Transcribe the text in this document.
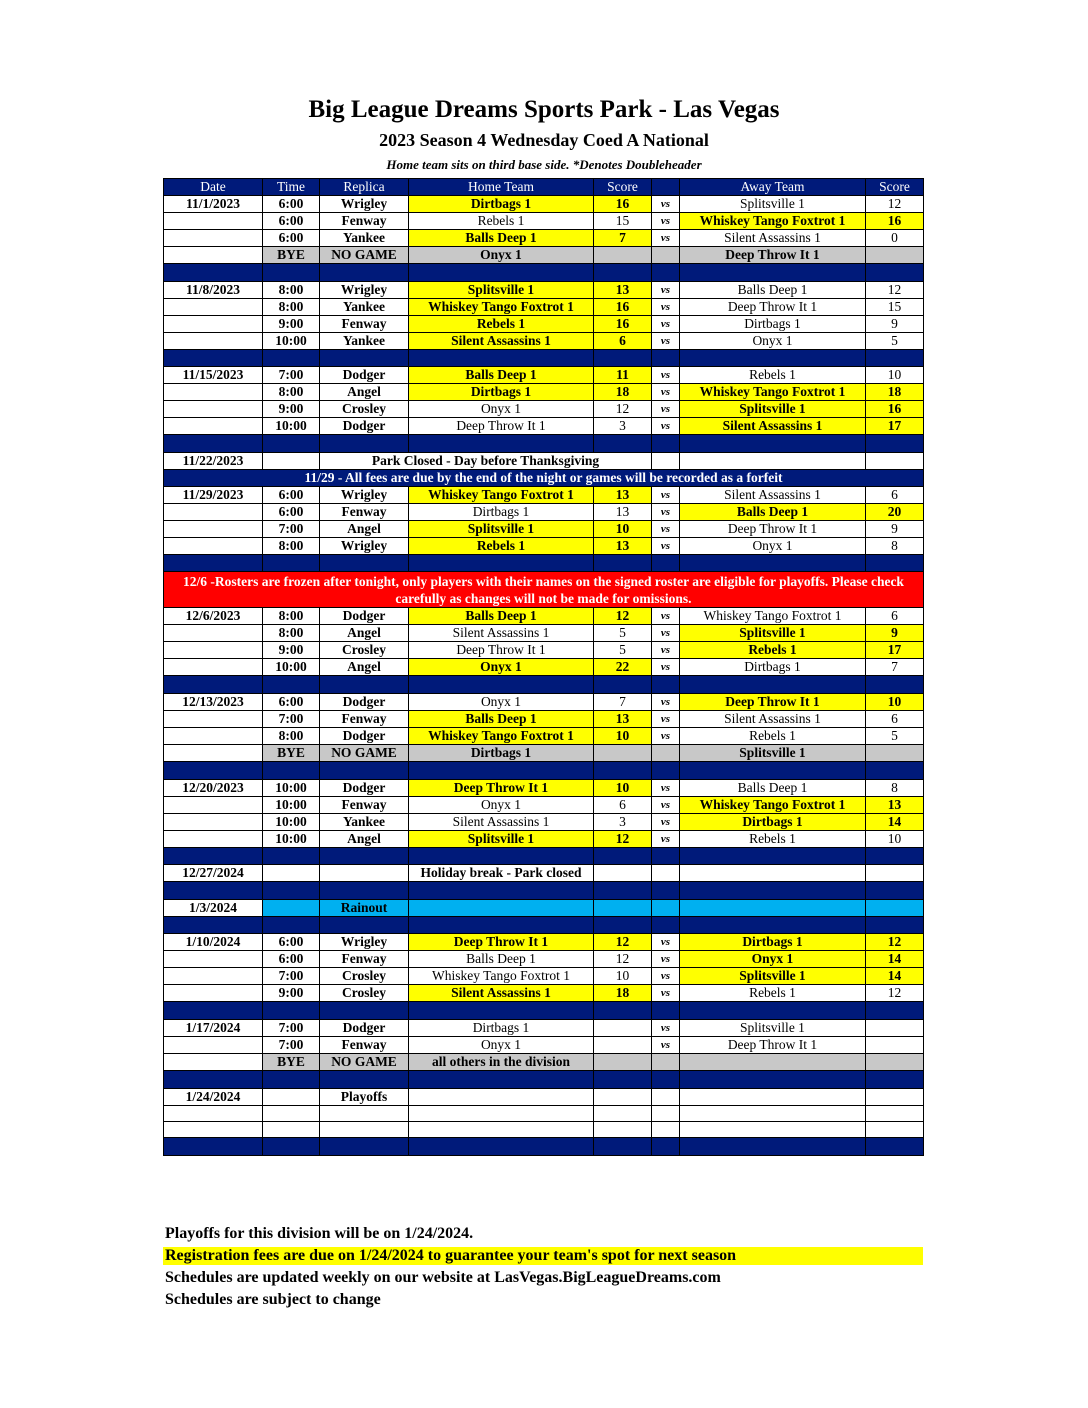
Big League Dreams Sports Park - Las Vegas
2023 Season 4 Wednesday Coed A National
Home team sits on third base side. *Denotes Doubleheader
Date	Time	Replica	Home Team	Score		Away Team	Score
11/1/2023	6:00	Wrigley	Dirtbags 1	16	vs	Splitsville 1	12
	6:00	Fenway	Rebels 1	15	vs	Whiskey Tango Foxtrot 1	16
	6:00	Yankee	Balls Deep 1	7	vs	Silent Assassins 1	0
	BYE	NO GAME	Onyx 1			Deep Throw It 1	

11/8/2023	8:00	Wrigley	Splitsville 1	13	vs	Balls Deep 1	12
	8:00	Yankee	Whiskey Tango Foxtrot 1	16	vs	Deep Throw It 1	15
	9:00	Fenway	Rebels 1	16	vs	Dirtbags 1	9
	10:00	Yankee	Silent Assassins 1	6	vs	Onyx 1	5

11/15/2023	7:00	Dodger	Balls Deep 1	11	vs	Rebels 1	10
	8:00	Angel	Dirtbags 1	18	vs	Whiskey Tango Foxtrot 1	18
	9:00	Crosley	Onyx 1	12	vs	Splitsville 1	16
	10:00	Dodger	Deep Throw It 1	3	vs	Silent Assassins 1	17

11/22/2023		Park Closed - Day before Thanksgiving					
11/29 - All fees are due by the end of the night or games will be recorded as a forfeit							
11/29/2023	6:00	Wrigley	Whiskey Tango Foxtrot 1	13	vs	Silent Assassins 1	6
	6:00	Fenway	Dirtbags 1	13	vs	Balls Deep 1	20
	7:00	Angel	Splitsville 1	10	vs	Deep Throw It 1	9
	8:00	Wrigley	Rebels 1	13	vs	Onyx 1	8

12/6 -Rosters are frozen after tonight, only players with their names on the signed roster are eligible for playoffs. Please check carefully as changes will not be made for omissions.							
12/6/2023	8:00	Dodger	Balls Deep 1	12	vs	Whiskey Tango Foxtrot 1	6
	8:00	Angel	Silent Assassins 1	5	vs	Splitsville 1	9
	9:00	Crosley	Deep Throw It 1	5	vs	Rebels 1	17
	10:00	Angel	Onyx 1	22	vs	Dirtbags 1	7

12/13/2023	6:00	Dodger	Onyx 1	7	vs	Deep Throw It 1	10
	7:00	Fenway	Balls Deep 1	13	vs	Silent Assassins 1	6
	8:00	Dodger	Whiskey Tango Foxtrot 1	10	vs	Rebels 1	5
	BYE	NO GAME	Dirtbags 1			Splitsville 1	

12/20/2023	10:00	Dodger	Deep Throw It 1	10	vs	Balls Deep 1	8
	10:00	Fenway	Onyx 1	6	vs	Whiskey Tango Foxtrot 1	13
	10:00	Yankee	Silent Assassins 1	3	vs	Dirtbags 1	14
	10:00	Angel	Splitsville 1	12	vs	Rebels 1	10

12/27/2024			Holiday break - Park closed				

1/3/2024		Rainout					

1/10/2024	6:00	Wrigley	Deep Throw It 1	12	vs	Dirtbags 1	12
	6:00	Fenway	Balls Deep 1	12	vs	Onyx 1	14
	7:00	Crosley	Whiskey Tango Foxtrot 1	10	vs	Splitsville 1	14
	9:00	Crosley	Silent Assassins 1	18	vs	Rebels 1	12

1/17/2024	7:00	Dodger	Dirtbags 1		vs	Splitsville 1	
	7:00	Fenway	Onyx 1		vs	Deep Throw It 1	
	BYE	NO GAME	all others in the division				

1/24/2024		Playoffs					

Playoffs for this division will be on 1/24/2024.
Registration fees are due on 1/24/2024 to guarantee your team's spot for next season
Schedules are updated weekly on our website at LasVegas.BigLeagueDreams.com
Schedules are subject to change
